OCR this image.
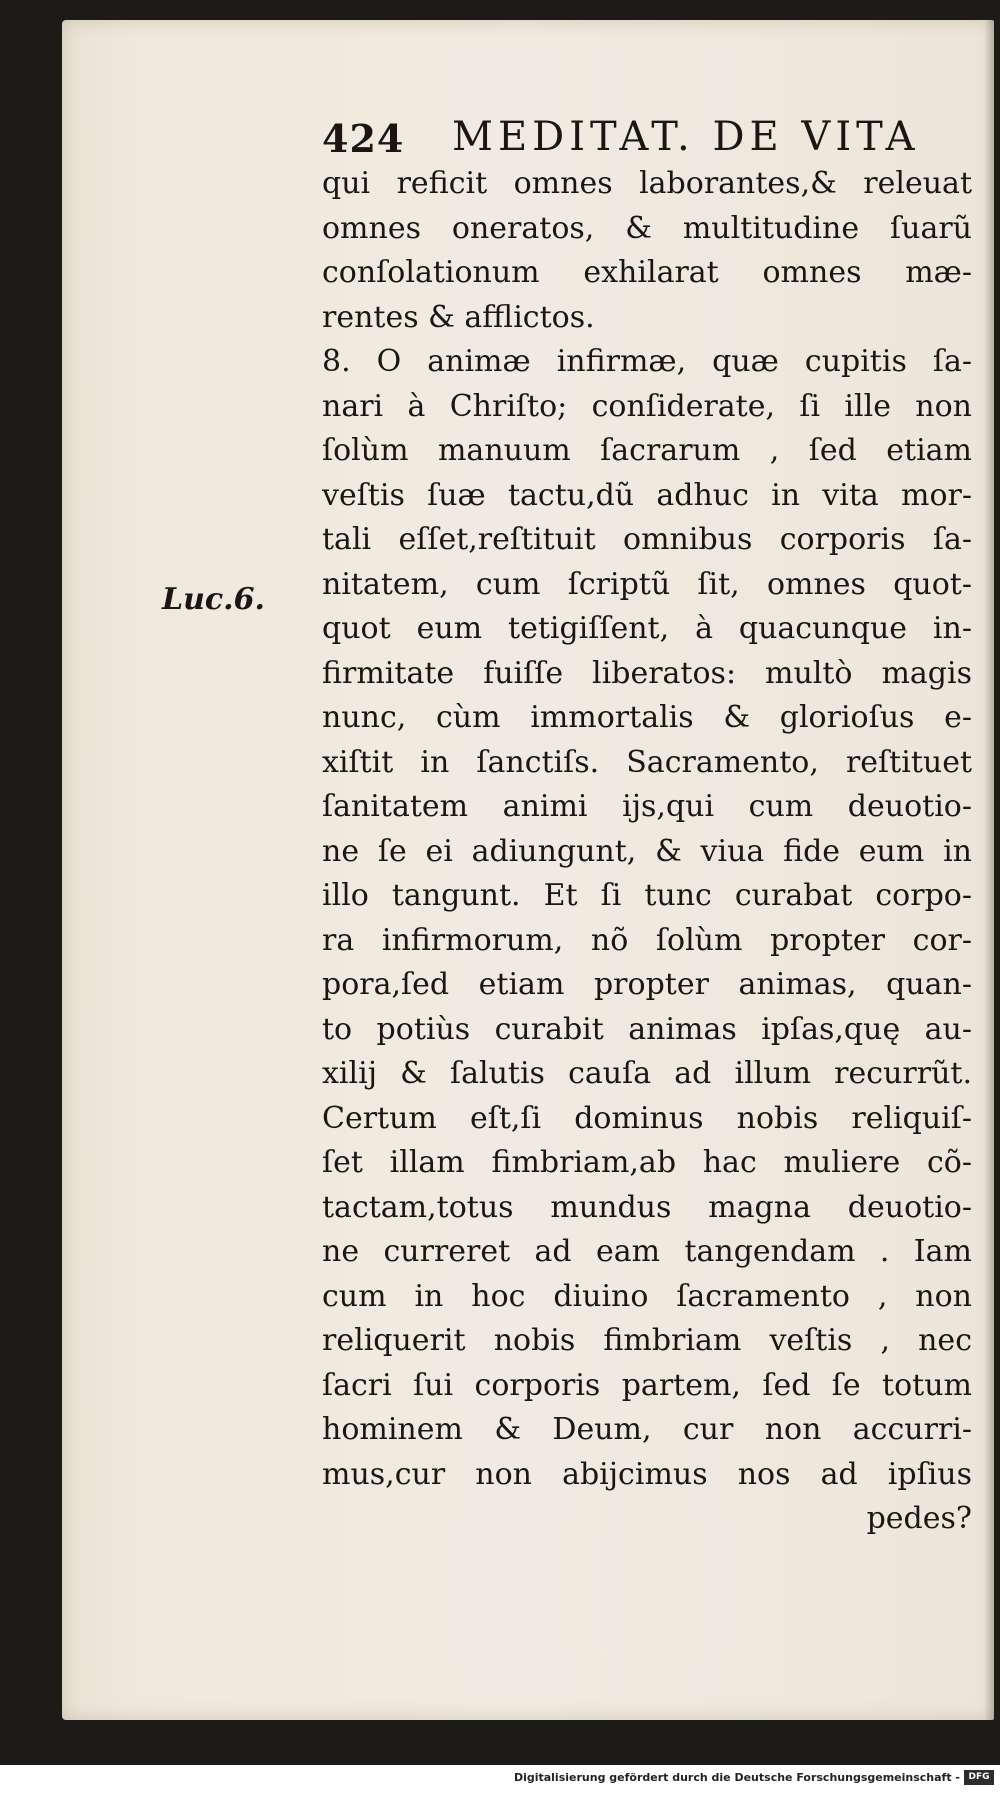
424 MEDITAT. DE VITA
Luc.6.
qui reficit omnes laborantes,& releuat
omnes oneratos, & multitudine ſuarũ
conſolationum exhilarat omnes mæ-
rentes & afflictos.
8. O animæ infirmæ, quæ cupitis ſa-
nari à Chriſto; conſiderate, ſi ille non
ſolùm manuum ſacrarum , ſed etiam
veſtis ſuæ tactu,dũ adhuc in vita mor-
tali eſſet,reſtituit omnibus corporis ſa-
nitatem, cum ſcriptũ ſit, omnes quot-
quot eum tetigiſſent, à quacunque in-
firmitate fuiſſe liberatos: multò magis
nunc, cùm immortalis & glorioſus e-
xiſtit in ſanctiſs. Sacramento, reſtituet
ſanitatem animi ijs,qui cum deuotio-
ne ſe ei adiungunt, & viua fide eum in
illo tangunt. Et ſi tunc curabat corpo-
ra infirmorum, nõ ſolùm propter cor-
pora,ſed etiam propter animas, quan-
to potiùs curabit animas ipſas,quę au-
xilij & ſalutis cauſa ad illum recurrũt.
Certum eſt,ſi dominus nobis reliquiſ-
ſet illam fimbriam,ab hac muliere cõ-
tactam,totus mundus magna deuotio-
ne curreret ad eam tangendam . Iam
cum in hoc diuino ſacramento , non
reliquerit nobis fimbriam veſtis , nec
ſacri ſui corporis partem, ſed ſe totum
hominem & Deum, cur non accurri-
mus,cur non abijcimus nos ad ipſius
pedes?
Digitalisierung gefördert durch die Deutsche Forschungsgemeinschaft - DFG
